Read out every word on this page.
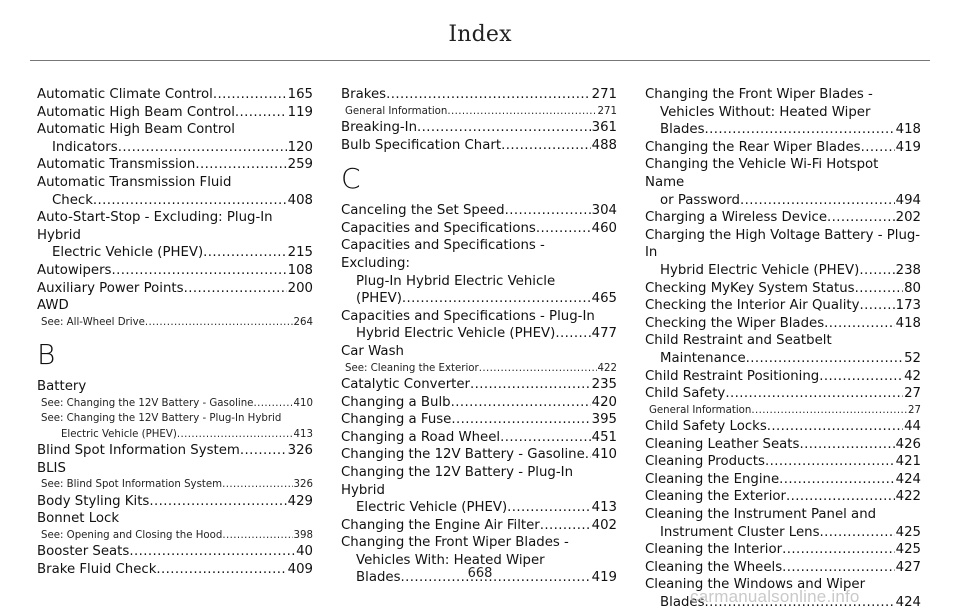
Index
Automatic Climate Control .....	165
Automatic High Beam Control .....	119
Automatic High Beam Control
Indicators .....	120
Automatic Transmission .....	259
Automatic Transmission Fluid
Check .....	408
Auto-Start-Stop - Excluding: Plug-In Hybrid
Electric Vehicle (PHEV) .....	215
Autowipers .....	108
Auxiliary Power Points .....	200
AWD
See: All-Wheel Drive .....	264
B
Battery
See: Changing the 12V Battery - Gasoline .....	410
See: Changing the 12V Battery - Plug-In Hybrid
Electric Vehicle (PHEV) .....	413
Blind Spot Information System .....	326
BLIS
See: Blind Spot Information System .....	326
Body Styling Kits .....	429
Bonnet Lock
See: Opening and Closing the Hood .....	398
Booster Seats .....	40
Brake Fluid Check .....	409
Brakes .....	271
General Information .....	271
Breaking-In .....	361
Bulb Specification Chart .....	488
C
Canceling the Set Speed .....	304
Capacities and Specifications .....	460
Capacities and Specifications - Excluding:
Plug-In Hybrid Electric Vehicle
(PHEV) .....	465
Capacities and Specifications - Plug-In
Hybrid Electric Vehicle (PHEV) .....	477
Car Wash
See: Cleaning the Exterior .....	422
Catalytic Converter .....	235
Changing a Bulb .....	420
Changing a Fuse .....	395
Changing a Road Wheel .....	451
Changing the 12V Battery - Gasoline ..... 410
Changing the 12V Battery - Plug-In Hybrid
Electric Vehicle (PHEV) .....	413
Changing the Engine Air Filter .....	402
Changing the Front Wiper Blades -
Vehicles With: Heated Wiper
Blades .....	419
Changing the Front Wiper Blades -
Vehicles Without: Heated Wiper
Blades .....	418
Changing the Rear Wiper Blades .....	419
Changing the Vehicle Wi-Fi Hotspot Name
or Password .....	494
Charging a Wireless Device .....	202
Charging the High Voltage Battery - Plug-In
Hybrid Electric Vehicle (PHEV) .....	238
Checking MyKey System Status .....	80
Checking the Interior Air Quality .....	173
Checking the Wiper Blades .....	418
Child Restraint and Seatbelt
Maintenance .....	52
Child Restraint Positioning .....	42
Child Safety .....	27
General Information .....	27
Child Safety Locks .....	44
Cleaning Leather Seats .....	426
Cleaning Products .....	421
Cleaning the Engine .....	424
Cleaning the Exterior .....	422
Cleaning the Instrument Panel and
Instrument Cluster Lens .....	425
Cleaning the Interior .....	425
Cleaning the Wheels .....	427
Cleaning the Windows and Wiper
Blades .....	424
668
carmanualsonline.info
